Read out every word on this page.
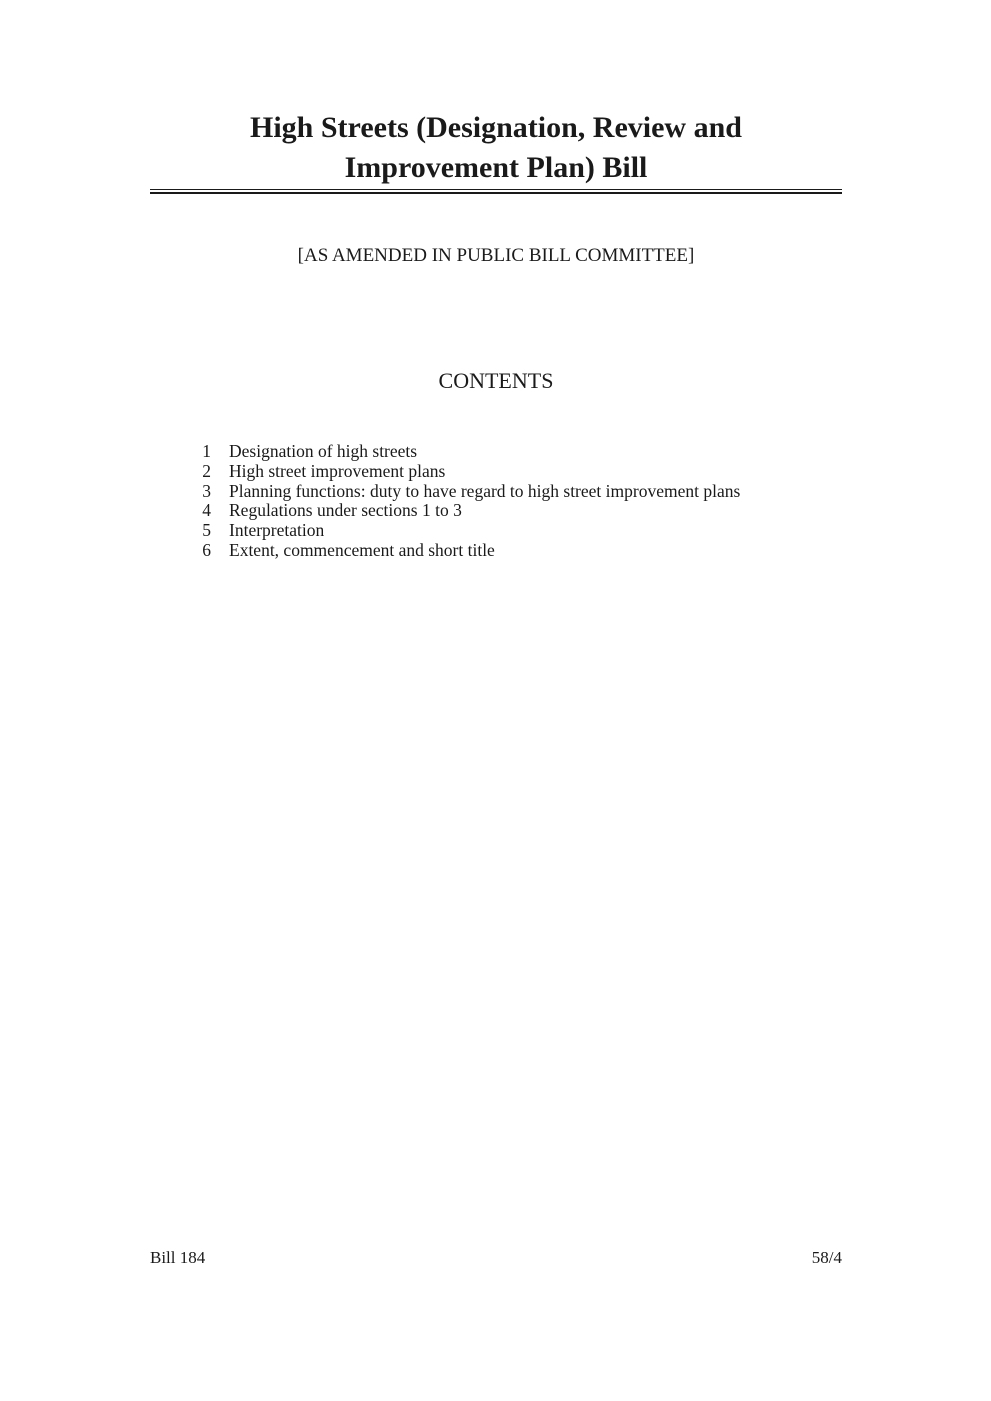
High Streets (Designation, Review and
Improvement Plan) Bill
[AS AMENDED IN PUBLIC BILL COMMITTEE]
CONTENTS
1	Designation of high streets
2	High street improvement plans
3	Planning functions: duty to have regard to high street improvement plans
4	Regulations under sections 1 to 3
5	Interpretation
6	Extent, commencement and short title
Bill 184	58/4
